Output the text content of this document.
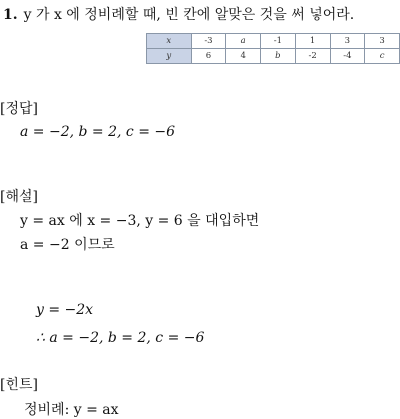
1. y 가 x 에 정비례할 때, 빈 칸에 알맞은 것을 써 넣어라.
x	-3	a	-1	1	3	3
y	6	4	b	-2	-4	c
[정답]
a = −2, b = 2, c = −6
[해설]
y = ax 에 x = −3, y = 6 을 대입하면
a = −2 이므로
y = −2x
∴ a = −2, b = 2, c = −6
[힌트]
정비례: y = ax
